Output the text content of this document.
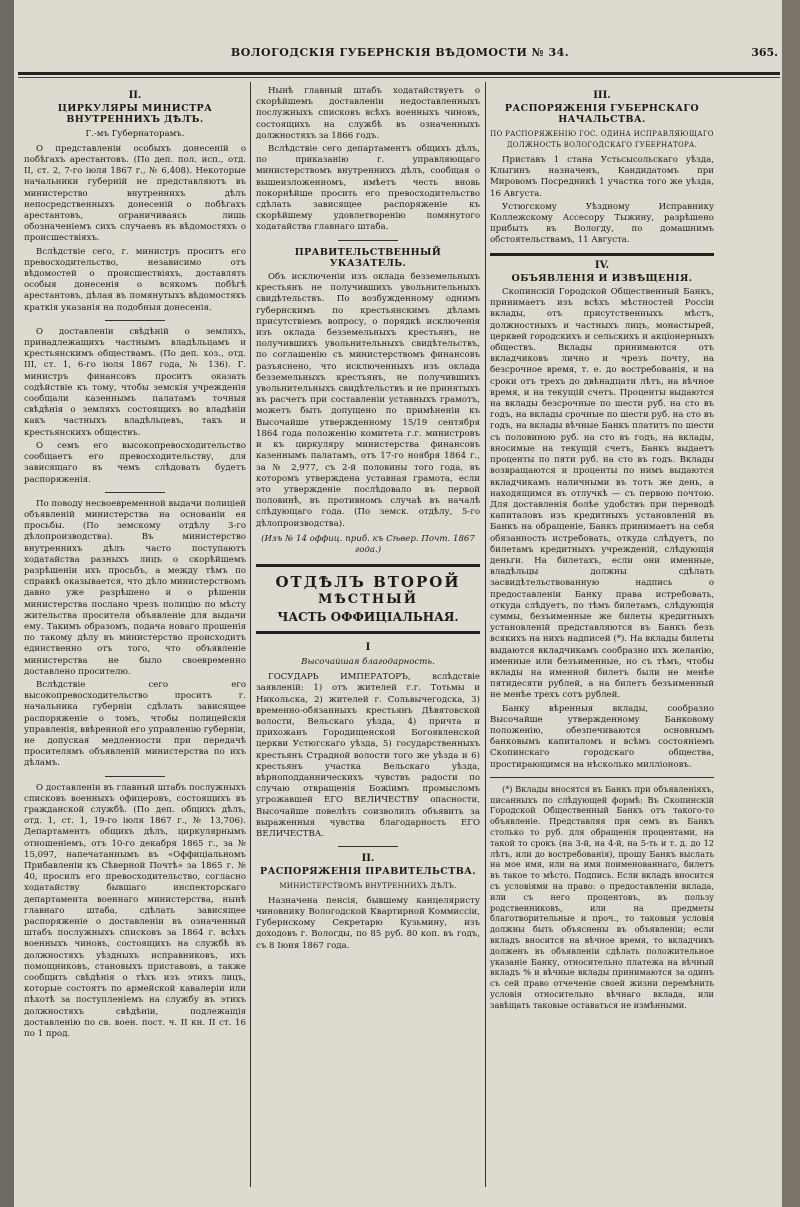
ВОЛОГОДСКІЯ ГУБЕРНСКІЯ ВѢДОМОСТИ № 34.	365.
II.
ЦИРКУЛЯРЫ МИНИСТРА ВНУТРЕННИХЪ ДѢЛЪ.
Г.-мъ Губернаторамъ.

О представленіи особыхъ донесеній о побѣгахъ арестантовъ. (По деп. пол. исп., отд. II, ст. 2, 7-го іюля 1867 г., № 6,408). Некоторые начальники губерній не представляютъ въ министерство внутреннихъ дѣлъ непосредственныхъ донесеній о побѣгахъ арестантовъ, ограничиваясь лишь обозначеніемъ сихъ случаевъ въ вѣдомостяхъ о происшествіяхъ.

Вслѣдствіе сего, г. министръ проситъ его превосходительство, независимо отъ вѣдомостей о происшествіяхъ, доставлять особыя донесенія о всякомъ побѣгѣ арестантовъ, дѣлая въ помянутыхъ вѣдомостяхъ краткія указанія на подобныя донесенія.

О доставленіи свѣдѣній о земляхъ, принадлежащихъ частнымъ владѣльцамъ и крестьянскимъ обществамъ. (По деп. хоз., отд. III, ст. 1, 6-го іюля 1867 года, № 136). Г. министръ финансовъ проситъ оказать содѣйствіе къ тому, чтобы земскія учрежденія сообщали казеннымъ палатамъ точныя свѣдѣнія о земляхъ состоящихъ во владѣніи какъ частныхъ владѣльцевъ, такъ и крестьянскихъ обществъ.

О семъ его высокопревосходительство сообщаетъ его превосходительству, для зависящаго въ чемъ слѣдовать будетъ распоряженія.

По поводу несвоевременной выдачи полиціей объявленій министерства на основаніи ея просьбы. (По земскому отдѣлу 3-го дѣлопроизводства). Въ министерство внутреннихъ дѣлъ часто поступаютъ ходатайства разныхъ лицъ о скорѣйшемъ разрѣшеніи ихъ просьбъ, а между тѣмъ по справкѣ оказывается, что дѣло министерствомъ давно уже разрѣшено и о рѣшеніи министерства послано чрезъ полицію по мѣсту жительства просителя объявленіе для выдачи ему. Такимъ образомъ, подача новаго прошенія по такому дѣлу въ министерство происходитъ единственно отъ того, что объявленіе министерства не было своевременно доставлено просителю.

Вслѣдствіе сего его высокопревосходительство проситъ г. начальника губерніи сдѣлать зависящее распоряженіе о томъ, чтобы полицейскія управленія, ввѣренной его управленію губерніи, не допуская медленности при передачѣ просителямъ объявленій министерства по ихъ дѣламъ.

О доставленіи въ главный штабъ послужныхъ списковъ военныхъ офицеровъ, состоящихъ въ гражданской службѣ. (По деп. общихъ дѣлъ, отд. 1, ст. 1, 19-го іюля 1867 г., № 13,706). Департаментъ общихъ дѣлъ, циркулярнымъ отношеніемъ, отъ 10-го декабря 1865 г., за № 15,097, напечатаннымъ въ «Оффиціальномъ Прибавленіи къ Сѣверной Почтѣ» за 1865 г. № 40, просилъ его превосходительство, согласно ходатайству бывшаго инспекторскаго департамента военнаго министерства, нынѣ главнаго штаба, сдѣлать зависящее распоряженіе о доставленіи въ означенный штабъ послужныхъ списковъ за 1864 г. всѣхъ военныхъ чиновъ, состоящихъ на службѣ въ должностяхъ уѣздныхъ исправниковъ, ихъ помощниковъ, становыхъ приставовъ, а также сообщить свѣдѣнія о тѣхъ изъ этихъ лицъ, которые состоятъ по армейской кавалеріи или пѣхотѣ за поступленіемъ на службу въ этихъ должностяхъ свѣдѣніи, подлежащія доставленію по св. воен. пост. ч. II кн. II ст. 16 по 1 прод.

Нынѣ главный штабъ ходатайствуетъ о скорѣйшемъ доставленіи недоставленныхъ послужныхъ списковъ всѣхъ военныхъ чиновъ, состоящихъ на службѣ въ означенныхъ должностяхъ за 1866 годъ.

Вслѣдствіе сего департаментъ общихъ дѣлъ, по приказанію г. управляющаго министерствомъ внутреннихъ дѣлъ, сообщая о вышеизложенномъ, имѣетъ честь вновь покорнѣйше просить его превосходительство сдѣлать зависящее распоряженіе къ скорѣйшему удовлетворенію помянутого ходатайства главнаго штаба.

ПРАВИТЕЛЬСТВЕННЫЙ УКАЗАТЕЛЬ.

Объ исключеніи изъ оклада безземельныхъ крестьянъ не получившихъ увольнительныхъ свидѣтельствъ. По возбужденному однимъ губернскимъ по крестьянскимъ дѣламъ присутствіемъ вопросу, о порядкѣ исключенія изъ оклада безземельныхъ крестьянъ, не получившихъ увольнительныхъ свидѣтельствъ, по соглашенію съ министерствомъ финансовъ разъяснено, что исключенныхъ изъ оклада безземельныхъ крестьянъ, не получившихъ увольнительныхъ свидѣтельствъ и не принятыхъ въ расчетъ при составленіи уставныхъ грамотъ, можетъ быть допущено по примѣненіи къ Высочайше утвержденному 15/19 сентября 1864 года положенію комитета г.г. министровъ и къ циркуляру министерства финансовъ казеннымъ палатамъ, отъ 17-го ноября 1864 г., за № 2,977, съ 2-й половины того года, въ которомъ утверждена уставная грамота, если это утвержденіе послѣдовало въ первой половинѣ, въ противномъ случаѣ въ началѣ слѣдующаго года. (По земск. отдѣлу, 5-го дѣлопроизводства).

(Изъ № 14 оффиц. приб. къ Сѣвер. Почт. 1867 года.)
ОТДѢЛЪ ВТОРОЙ
МѢСТНЫЙ
ЧАСТЬ ОФФИЦІАЛЬНАЯ.
I
Высочайшая благодарность.

ГОСУДАРЬ ИМПЕРАТОРЪ, вслѣдствіе заявленій: 1) отъ жителей г.г. Тотьмы и Никольска, 2) жителей г. Сольвычегодска, 3) временно-обязанныхъ крестьянъ Дѣвятовской волости, Вельскаго уѣзда, 4) причта и прихожанъ Городищенской Богоявленской церкви Устюгскаго уѣзда, 5) государственныхъ крестьянъ Страдной волости того же уѣзда и 6) крестьянъ участка Вельскаго уѣзда, вѣрноподданническихъ чувствъ радости по случаю отвращенія Божіимъ промысломъ угрожавшей ЕГО ВЕЛИЧЕСТВУ опасности, Высочайше повелѣть соизволилъ объявить за выраженныя чувства благодарность ЕГО ВЕЛИЧЕСТВА.

II.
РАСПОРЯЖЕНІЯ ПРАВИТЕЛЬСТВА.
МИНИСТЕРСТВОМЪ ВНУТРЕННИХЪ ДѢЛЪ.

Назначена пенсія, бывшему канцеляристу чиновнику Вологодской Квартирной Коммиссіи, Губернскому Секретарю Кузьмину, изъ доходовъ г. Вологды, по 85 руб. 80 коп. въ годъ, съ 8 Іюня 1867 года.

III.
РАСПОРЯЖЕНІЯ ГУБЕРНСКАГО НАЧАЛЬСТВА.
ПО РАСПОРЯЖЕНІЮ ГОС. ОДИНА ИСПРАВЛЯЮЩАГО ДОЛЖНОСТЬ ВОЛОГОДСКАГО ГУБЕРНАТОРА.

Приставъ 1 стана Устьсысольскаго уѣзда, Клыгинъ назначенъ, Кандидатомъ при Мировомъ Посредникѣ 1 участка того же уѣзда, 16 Августа.

Устюгскому Уѣздному Исправнику Коллежскому Ассесору Тыжину, разрѣшено прибыть въ Вологду, по домашнимъ обстоятельствамъ, 11 Августа.

IV.
ОБЪЯВЛЕНІЯ И ИЗВѢЩЕНІЯ.

Скопинскій Городской Общественный Банкъ, принимаетъ изъ всѣхъ мѣстностей Россіи вклады, отъ присутственныхъ мѣстъ, должностныхъ и частныхъ лицъ, монастырей, церквей городскихъ и сельскихъ и акціонерныхъ обществъ. Вклады принимаются отъ вкладчиковъ лично и чрезъ почту, на безсрочное время, т. е. до востребованія, и на сроки отъ трехъ до двѣнадцати лѣтъ, на вѣчное время, и на текущій счетъ. Проценты выдаются на вклады безсрочные по шести руб. на сто въ годъ, на вклады срочные по шести руб. на сто въ годъ, на вклады вѣчные Банкъ платитъ по шести съ половиною руб. на сто въ годъ, на вклады, вносимые на текущій счетъ, Банкъ выдаетъ проценты по пяти руб. на сто въ годъ. Вклады возвращаются и проценты по нимъ выдаются вкладчикамъ наличными въ тотъ же день, а находящимся въ отлучкѣ — съ первою почтою. Для доставленія болѣе удобствъ при переводѣ капиталовъ изъ кредитныхъ установленій въ Банкъ на обращеніе, Банкъ принимаетъ на себя обязанность истребовать, откуда слѣдуетъ, по билетамъ кредитныхъ учрежденій, слѣдующія деньги. На билетахъ, если они именные, владѣльцы должны сдѣлать засвидѣтельствованную надпись о предоставленіи Банку права истребовать, откуда слѣдуетъ, по тѣмъ билетамъ, слѣдующія суммы, безъименные же билеты кредитныхъ установленій представляются въ Банкъ безъ всякихъ на нихъ надписей (*). На вклады билеты выдаются вкладчикамъ сообразно ихъ желанію, именные или безъименные, но съ тѣмъ, чтобы вклады на именной билетъ были не менѣе пятидесяти рублей, а на билетъ безъименный не менѣе трехъ сотъ рублей.

Банку вѣренныя вклады, сообразно Высочайше утвержденному Банковому положенію, обезпечиваются основнымъ банковымъ капиталомъ и всѣмъ состояніемъ Скопинскаго городскаго общества, простирающимся на нѣсколько милліоновъ.

(*) Вклады вносятся въ Банкъ при объявленіяхъ, писанныхъ по слѣдующей формѣ: Въ Скопинскій Городской Общественный Банкъ отъ такого-то объявленіе. Представляя при семъ въ Банкъ столько то руб. для обращенія процентами, на такой то срокъ (на 3-й, на 4-й, на 5-ть и т. д. до 12 лѣтъ, или до востребованія), прошу Банкъ выслать на мое имя, или на имя поименованнаго, билетъ въ такое то мѣсто. Подпись. Если вкладъ вносится съ условіями на право: о предоставленіи вклада, или съ него процентовъ, въ пользу родственниковъ, или на предметы благотворительные и проч., то таковыя условія должны быть объяснены въ объявленіи; если вкладъ вносится на вѣчное время, то вкладчикъ долженъ въ объявленіи сдѣлать положительное указаніе Банку, относительно платежа на вѣчный вкладъ % и вѣчные вклады принимаются за одинъ съ сей право отчеченіе своей жизни перемѣнить условія относительно вѣчнаго вклада, или завѣщать таковые оставаться не измѣнными.
